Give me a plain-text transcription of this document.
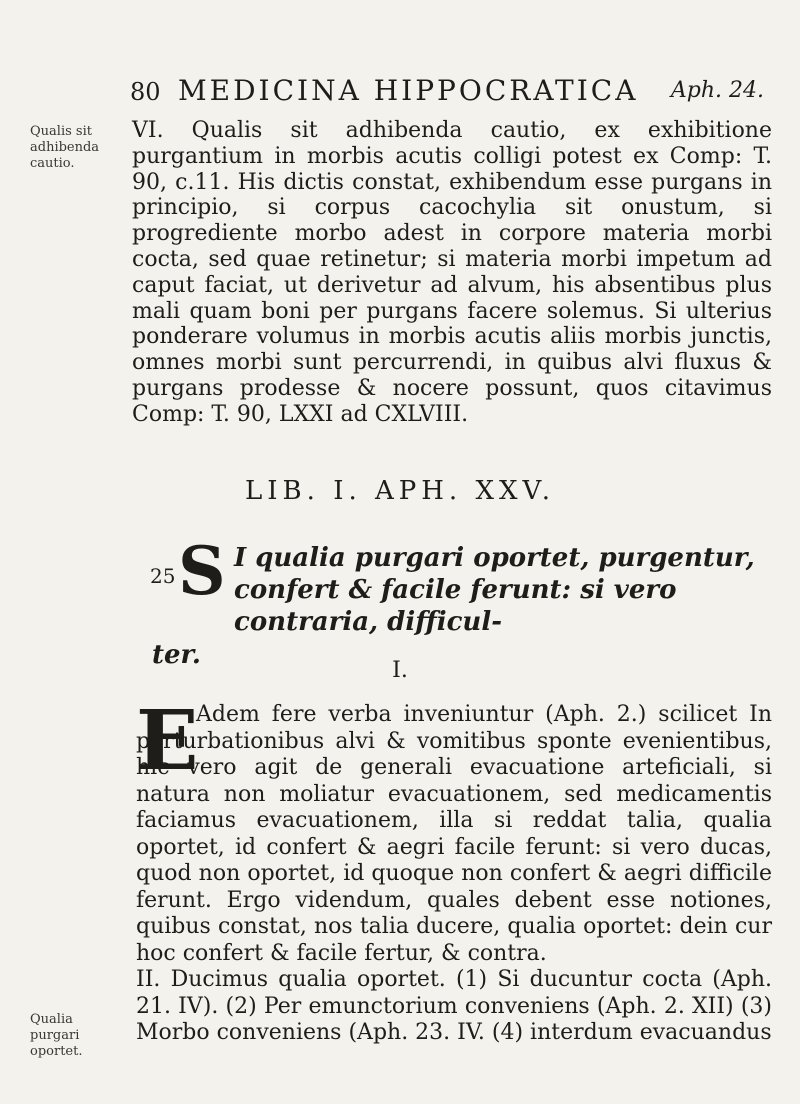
Qualis sit adhibenda cautio.
Qualia purgari oportet.
80 MEDICINA HIPPOCRATICA Aph. 24.
VI. Qualis sit adhibenda cautio, ex exhibitione purgantium in morbis acutis colligi potest ex Comp: T. 90, c.11. His dictis constat, exhibendum esse purgans in principio, si corpus cacochylia sit onustum, si progrediente morbo adest in corpore materia morbi cocta, sed quae retinetur; si materia morbi impetum ad caput faciat, ut derivetur ad alvum, his absentibus plus mali quam boni per purgans facere solemus. Si ulterius ponderare volumus in morbis acutis aliis morbis junctis, omnes morbi sunt percurrendi, in quibus alvi fluxus & purgans prodesse & nocere possunt, quos citavimus Comp: T. 90, LXXI ad CXLVIII.
LIB. I. APH. XXV.
25 S I qualia purgari oportet, purgentur, confert & facile ferunt: si vero contraria, difficul-
ter.
I.
E
Adem fere verba inveniuntur (Aph. 2.) scilicet In perturbationibus alvi & vomitibus sponte evenientibus, hic vero agit de generali evacuatione arteficiali, si natura non moliatur evacuationem, sed medicamentis faciamus evacuationem, illa si reddat talia, qualia oportet, id confert & aegri facile ferunt: si vero ducas, quod non oportet, id quoque non confert & aegri difficile ferunt. Ergo videndum, quales debent esse notiones, quibus constat, nos talia ducere, qualia oportet: dein cur hoc confert & facile fertur, & contra.
II. Ducimus qualia oportet. (1) Si ducuntur cocta (Aph. 21. IV). (2) Per emunctorium conveniens (Aph. 2. XII) (3) Morbo conveniens (Aph. 23. IV. (4) interdum evacuandus
